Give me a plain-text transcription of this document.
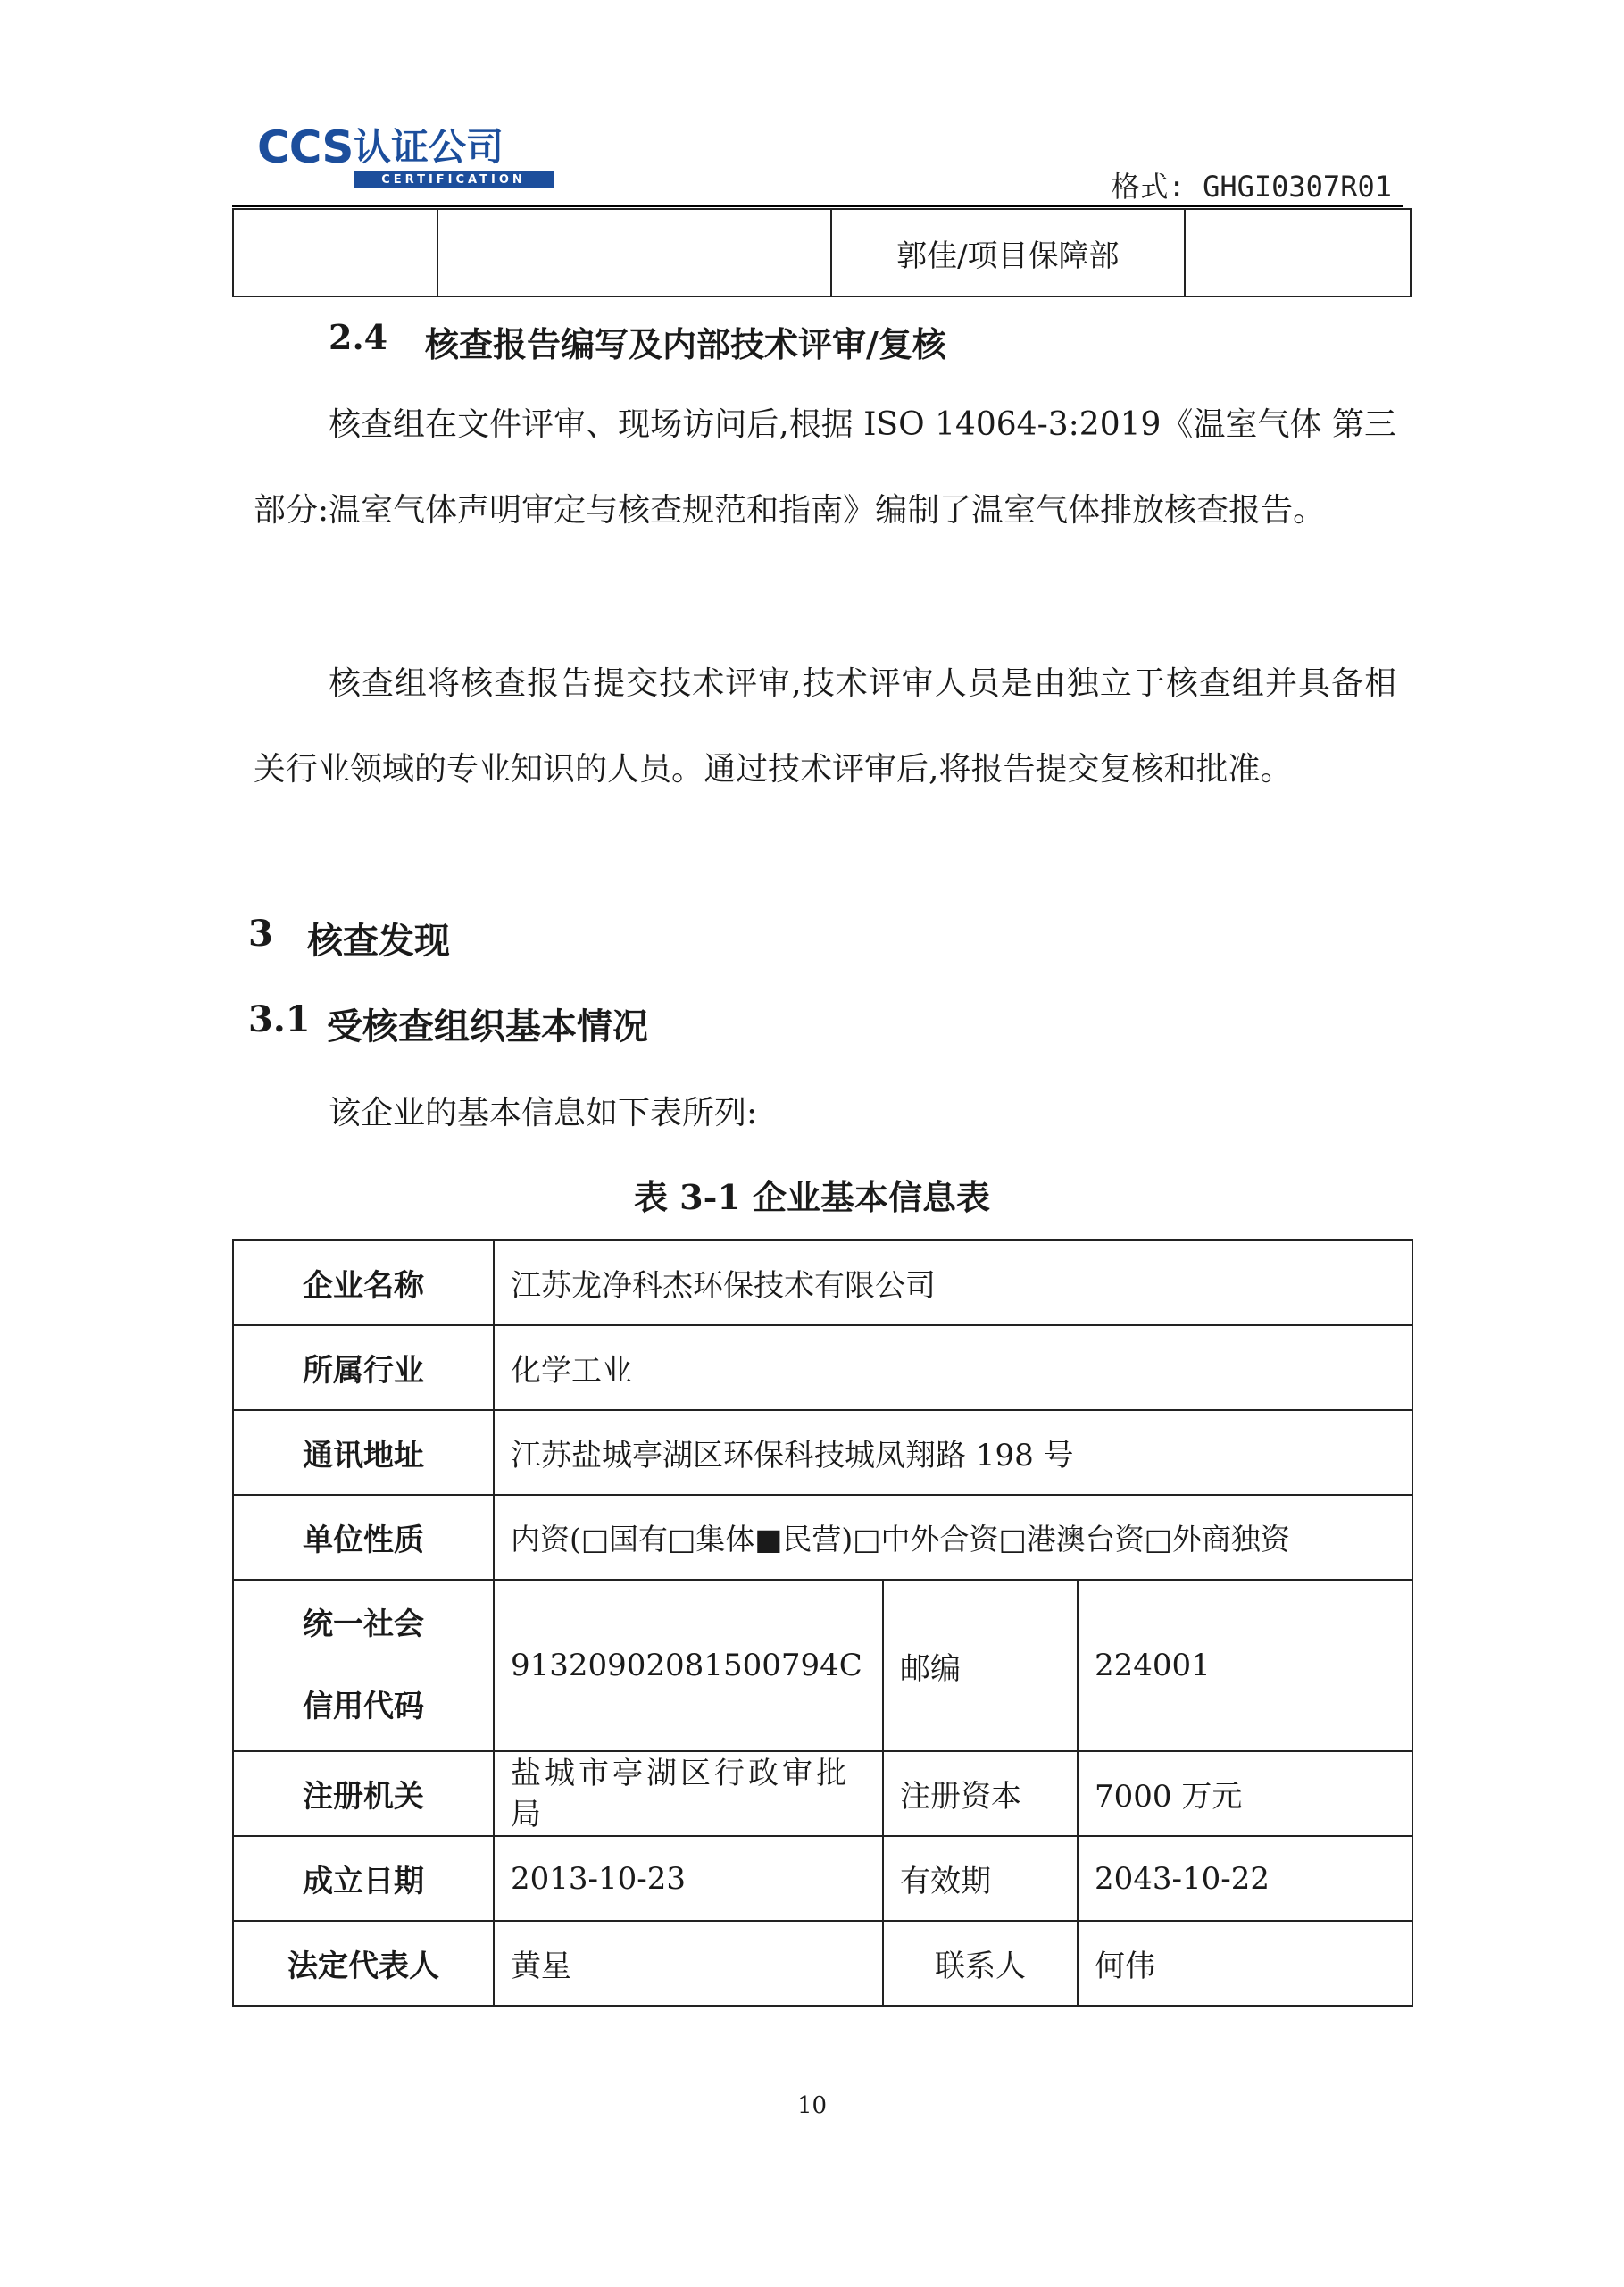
CCS 认证公司
CERTIFICATION	格式: GHGI0307R01
		郭佳/项目保障部	
2.4 核查报告编写及内部技术评审/复核
核查组在文件评审、现场访问后,根据 ISO 14064-3:2019《温室气体 第三部分:温室气体声明审定与核查规范和指南》编制了温室气体排放核查报告。
核查组将核查报告提交技术评审,技术评审人员是由独立于核查组并具备相关行业领域的专业知识的人员。通过技术评审后,将报告提交复核和批准。
3 核查发现
3.1 受核查组织基本情况
该企业的基本信息如下表所列:
表 3-1 企业基本信息表
企业名称	江苏龙净科杰环保技术有限公司		
所属行业	化学工业		
通讯地址	江苏盐城亭湖区环保科技城凤翔路 198 号		
单位性质	内资(□国有□集体■民营)□中外合资□港澳台资□外商独资		

统一社会
信用代码	91320902081500794C	邮编	224001
注册机关	盐城市亭湖区行政审批局	注册资本	7000 万元
成立日期	2013-10-23	有效期	2043-10-22
法定代表人	黄星	联系人	何伟
10
